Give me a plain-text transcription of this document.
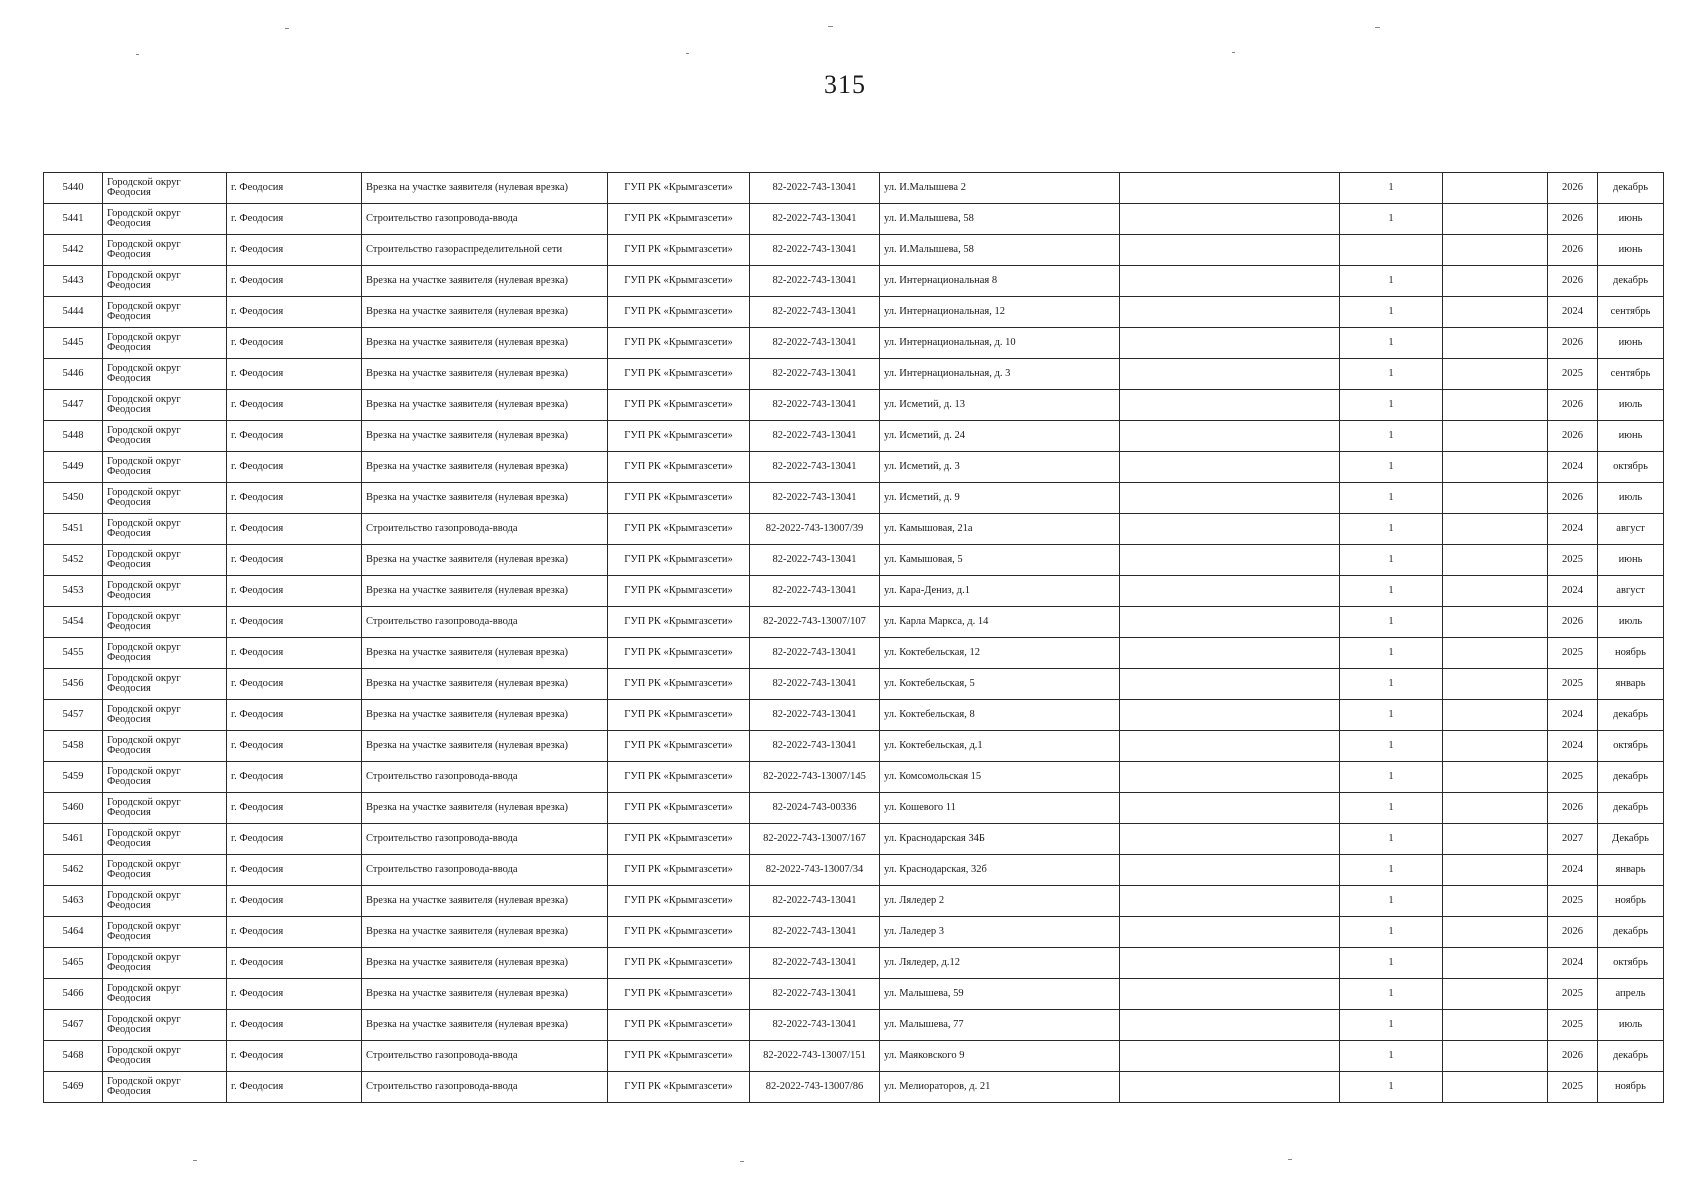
315
5440	Городской округ Феодосия	г. Феодосия	Врезка на участке заявителя (нулевая врезка)	ГУП РК «Крымгазсети»	82-2022-743-13041	ул. И.Малышева 2		1		2026	декабрь
5441	Городской округ Феодосия	г. Феодосия	Строительство газопровода-ввода	ГУП РК «Крымгазсети»	82-2022-743-13041	ул. И.Малышева, 58		1		2026	июнь
5442	Городской округ Феодосия	г. Феодосия	Строительство газораспределительной сети	ГУП РК «Крымгазсети»	82-2022-743-13041	ул. И.Малышева, 58				2026	июнь
5443	Городской округ Феодосия	г. Феодосия	Врезка на участке заявителя (нулевая врезка)	ГУП РК «Крымгазсети»	82-2022-743-13041	ул. Интернациональная 8		1		2026	декабрь
5444	Городской округ Феодосия	г. Феодосия	Врезка на участке заявителя (нулевая врезка)	ГУП РК «Крымгазсети»	82-2022-743-13041	ул. Интернациональная, 12		1		2024	сентябрь
5445	Городской округ Феодосия	г. Феодосия	Врезка на участке заявителя (нулевая врезка)	ГУП РК «Крымгазсети»	82-2022-743-13041	ул. Интернациональная, д. 10		1		2026	июнь
5446	Городской округ Феодосия	г. Феодосия	Врезка на участке заявителя (нулевая врезка)	ГУП РК «Крымгазсети»	82-2022-743-13041	ул. Интернациональная, д. 3		1		2025	сентябрь
5447	Городской округ Феодосия	г. Феодосия	Врезка на участке заявителя (нулевая врезка)	ГУП РК «Крымгазсети»	82-2022-743-13041	ул. Исметий, д. 13		1		2026	июль
5448	Городской округ Феодосия	г. Феодосия	Врезка на участке заявителя (нулевая врезка)	ГУП РК «Крымгазсети»	82-2022-743-13041	ул. Исметий, д. 24		1		2026	июнь
5449	Городской округ Феодосия	г. Феодосия	Врезка на участке заявителя (нулевая врезка)	ГУП РК «Крымгазсети»	82-2022-743-13041	ул. Исметий, д. 3		1		2024	октябрь
5450	Городской округ Феодосия	г. Феодосия	Врезка на участке заявителя (нулевая врезка)	ГУП РК «Крымгазсети»	82-2022-743-13041	ул. Исметий, д. 9		1		2026	июль
5451	Городской округ Феодосия	г. Феодосия	Строительство газопровода-ввода	ГУП РК «Крымгазсети»	82-2022-743-13007/39	ул. Камышовая, 21а		1		2024	август
5452	Городской округ Феодосия	г. Феодосия	Врезка на участке заявителя (нулевая врезка)	ГУП РК «Крымгазсети»	82-2022-743-13041	ул. Камышовая, 5		1		2025	июнь
5453	Городской округ Феодосия	г. Феодосия	Врезка на участке заявителя (нулевая врезка)	ГУП РК «Крымгазсети»	82-2022-743-13041	ул. Кара-Дениз, д.1		1		2024	август
5454	Городской округ Феодосия	г. Феодосия	Строительство газопровода-ввода	ГУП РК «Крымгазсети»	82-2022-743-13007/107	ул. Карла Маркса, д. 14		1		2026	июль
5455	Городской округ Феодосия	г. Феодосия	Врезка на участке заявителя (нулевая врезка)	ГУП РК «Крымгазсети»	82-2022-743-13041	ул. Коктебельская, 12		1		2025	ноябрь
5456	Городской округ Феодосия	г. Феодосия	Врезка на участке заявителя (нулевая врезка)	ГУП РК «Крымгазсети»	82-2022-743-13041	ул. Коктебельская, 5		1		2025	январь
5457	Городской округ Феодосия	г. Феодосия	Врезка на участке заявителя (нулевая врезка)	ГУП РК «Крымгазсети»	82-2022-743-13041	ул. Коктебельская, 8		1		2024	декабрь
5458	Городской округ Феодосия	г. Феодосия	Врезка на участке заявителя (нулевая врезка)	ГУП РК «Крымгазсети»	82-2022-743-13041	ул. Коктебельская, д.1		1		2024	октябрь
5459	Городской округ Феодосия	г. Феодосия	Строительство газопровода-ввода	ГУП РК «Крымгазсети»	82-2022-743-13007/145	ул. Комсомольская 15		1		2025	декабрь
5460	Городской округ Феодосия	г. Феодосия	Врезка на участке заявителя (нулевая врезка)	ГУП РК «Крымгазсети»	82-2024-743-00336	ул. Кошевого 11		1		2026	декабрь
5461	Городской округ Феодосия	г. Феодосия	Строительство газопровода-ввода	ГУП РК «Крымгазсети»	82-2022-743-13007/167	ул. Краснодарская 34Б		1		2027	Декабрь
5462	Городской округ Феодосия	г. Феодосия	Строительство газопровода-ввода	ГУП РК «Крымгазсети»	82-2022-743-13007/34	ул. Краснодарская, 32б		1		2024	январь
5463	Городской округ Феодосия	г. Феодосия	Врезка на участке заявителя (нулевая врезка)	ГУП РК «Крымгазсети»	82-2022-743-13041	ул. Ляледер 2		1		2025	ноябрь
5464	Городской округ Феодосия	г. Феодосия	Врезка на участке заявителя (нулевая врезка)	ГУП РК «Крымгазсети»	82-2022-743-13041	ул. Лаледер 3		1		2026	декабрь
5465	Городской округ Феодосия	г. Феодосия	Врезка на участке заявителя (нулевая врезка)	ГУП РК «Крымгазсети»	82-2022-743-13041	ул. Ляледер, д.12		1		2024	октябрь
5466	Городской округ Феодосия	г. Феодосия	Врезка на участке заявителя (нулевая врезка)	ГУП РК «Крымгазсети»	82-2022-743-13041	ул. Малышева, 59		1		2025	апрель
5467	Городской округ Феодосия	г. Феодосия	Врезка на участке заявителя (нулевая врезка)	ГУП РК «Крымгазсети»	82-2022-743-13041	ул. Малышева, 77		1		2025	июль
5468	Городской округ Феодосия	г. Феодосия	Строительство газопровода-ввода	ГУП РК «Крымгазсети»	82-2022-743-13007/151	ул. Маяковского 9		1		2026	декабрь
5469	Городской округ Феодосия	г. Феодосия	Строительство газопровода-ввода	ГУП РК «Крымгазсети»	82-2022-743-13007/86	ул. Мелиораторов, д. 21		1		2025	ноябрь
